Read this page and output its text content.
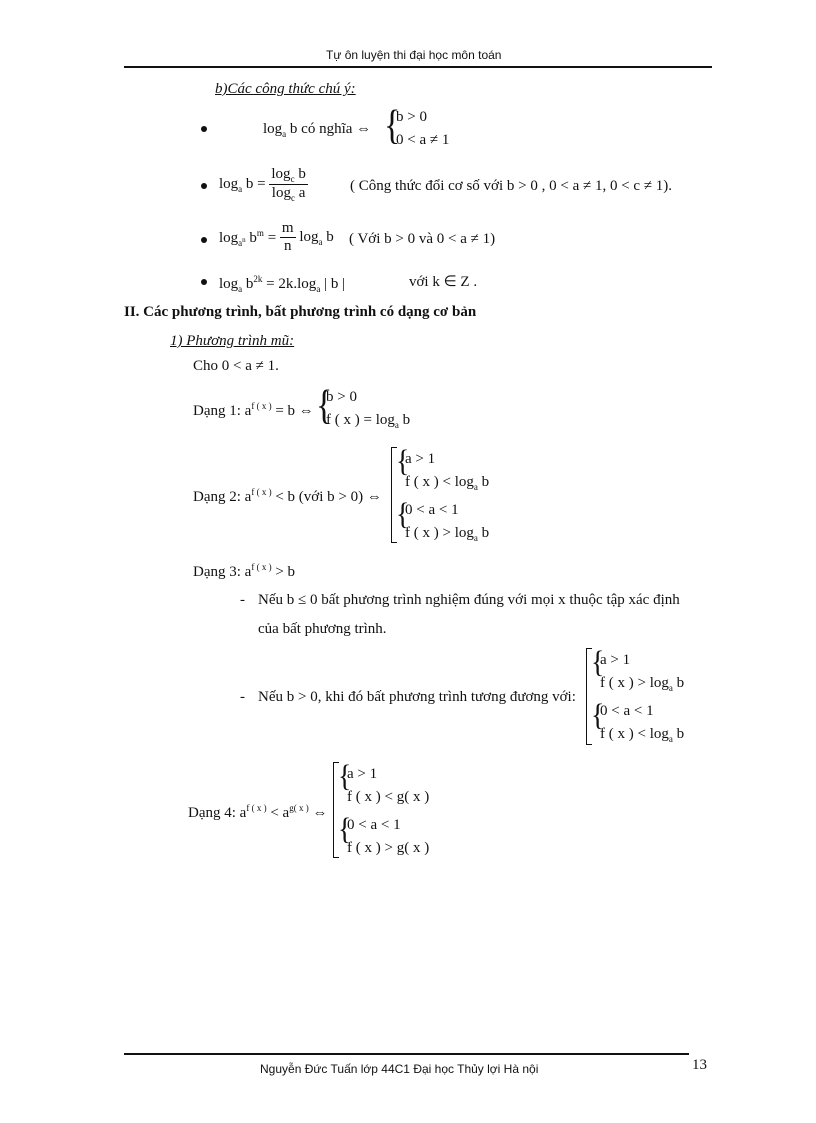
Tự ôn luyện thi đại học môn toán
b)Các công thức chú ý:
$\log_a b$ có nghĩa ⇔ {
b > 0
0 < a ≠ 1
$\log_a b = \frac{\log_c b}{\log_c a}$	( Công thức đổi cơ số với b > 0 , 0 < a ≠ 1, 0 < c ≠ 1).
$\log_{a^n} b^m = \frac{m}{n} \log_a b$ ( Với b > 0 và 0 < a ≠ 1)
$\log_a b^{2k} = 2k.\log_a$ | b |	với k ∈ Z .
II. Các phương trình, bất phương trình có dạng cơ bản
1) Phương trình mũ:
Cho 0 < a ≠ 1.
Dạng 1: $a^{f ( x )} = b$ ⇔ {
b > 0
f ( x ) = $\log_a b$
Dạng 2: $a^{f ( x )} < b$ (với b > 0) ⇔
{
a > 1
f ( x ) < $\log_a b$
{
0 < a < 1
f ( x ) > $\log_a b$
Dạng 3: $a^{f ( x )} > b$
- Nếu b ≤ 0 bất phương trình nghiệm đúng với mọi x thuộc tập xác định
của bất phương trình.
- Nếu b > 0, khi đó bất phương trình tương đương với:
{
a > 1
f ( x ) > $\log_a b$
{
0 < a < 1
f ( x ) < $\log_a b$
Dạng 4: $a^{f ( x )} < a^{g( x )}$ ⇔
{
a > 1
f ( x ) < g( x )
{
0 < a < 1
f ( x ) > g( x )
Nguyễn Đức Tuấn lớp 44C1 Đại học Thủy lợi Hà nội	13
